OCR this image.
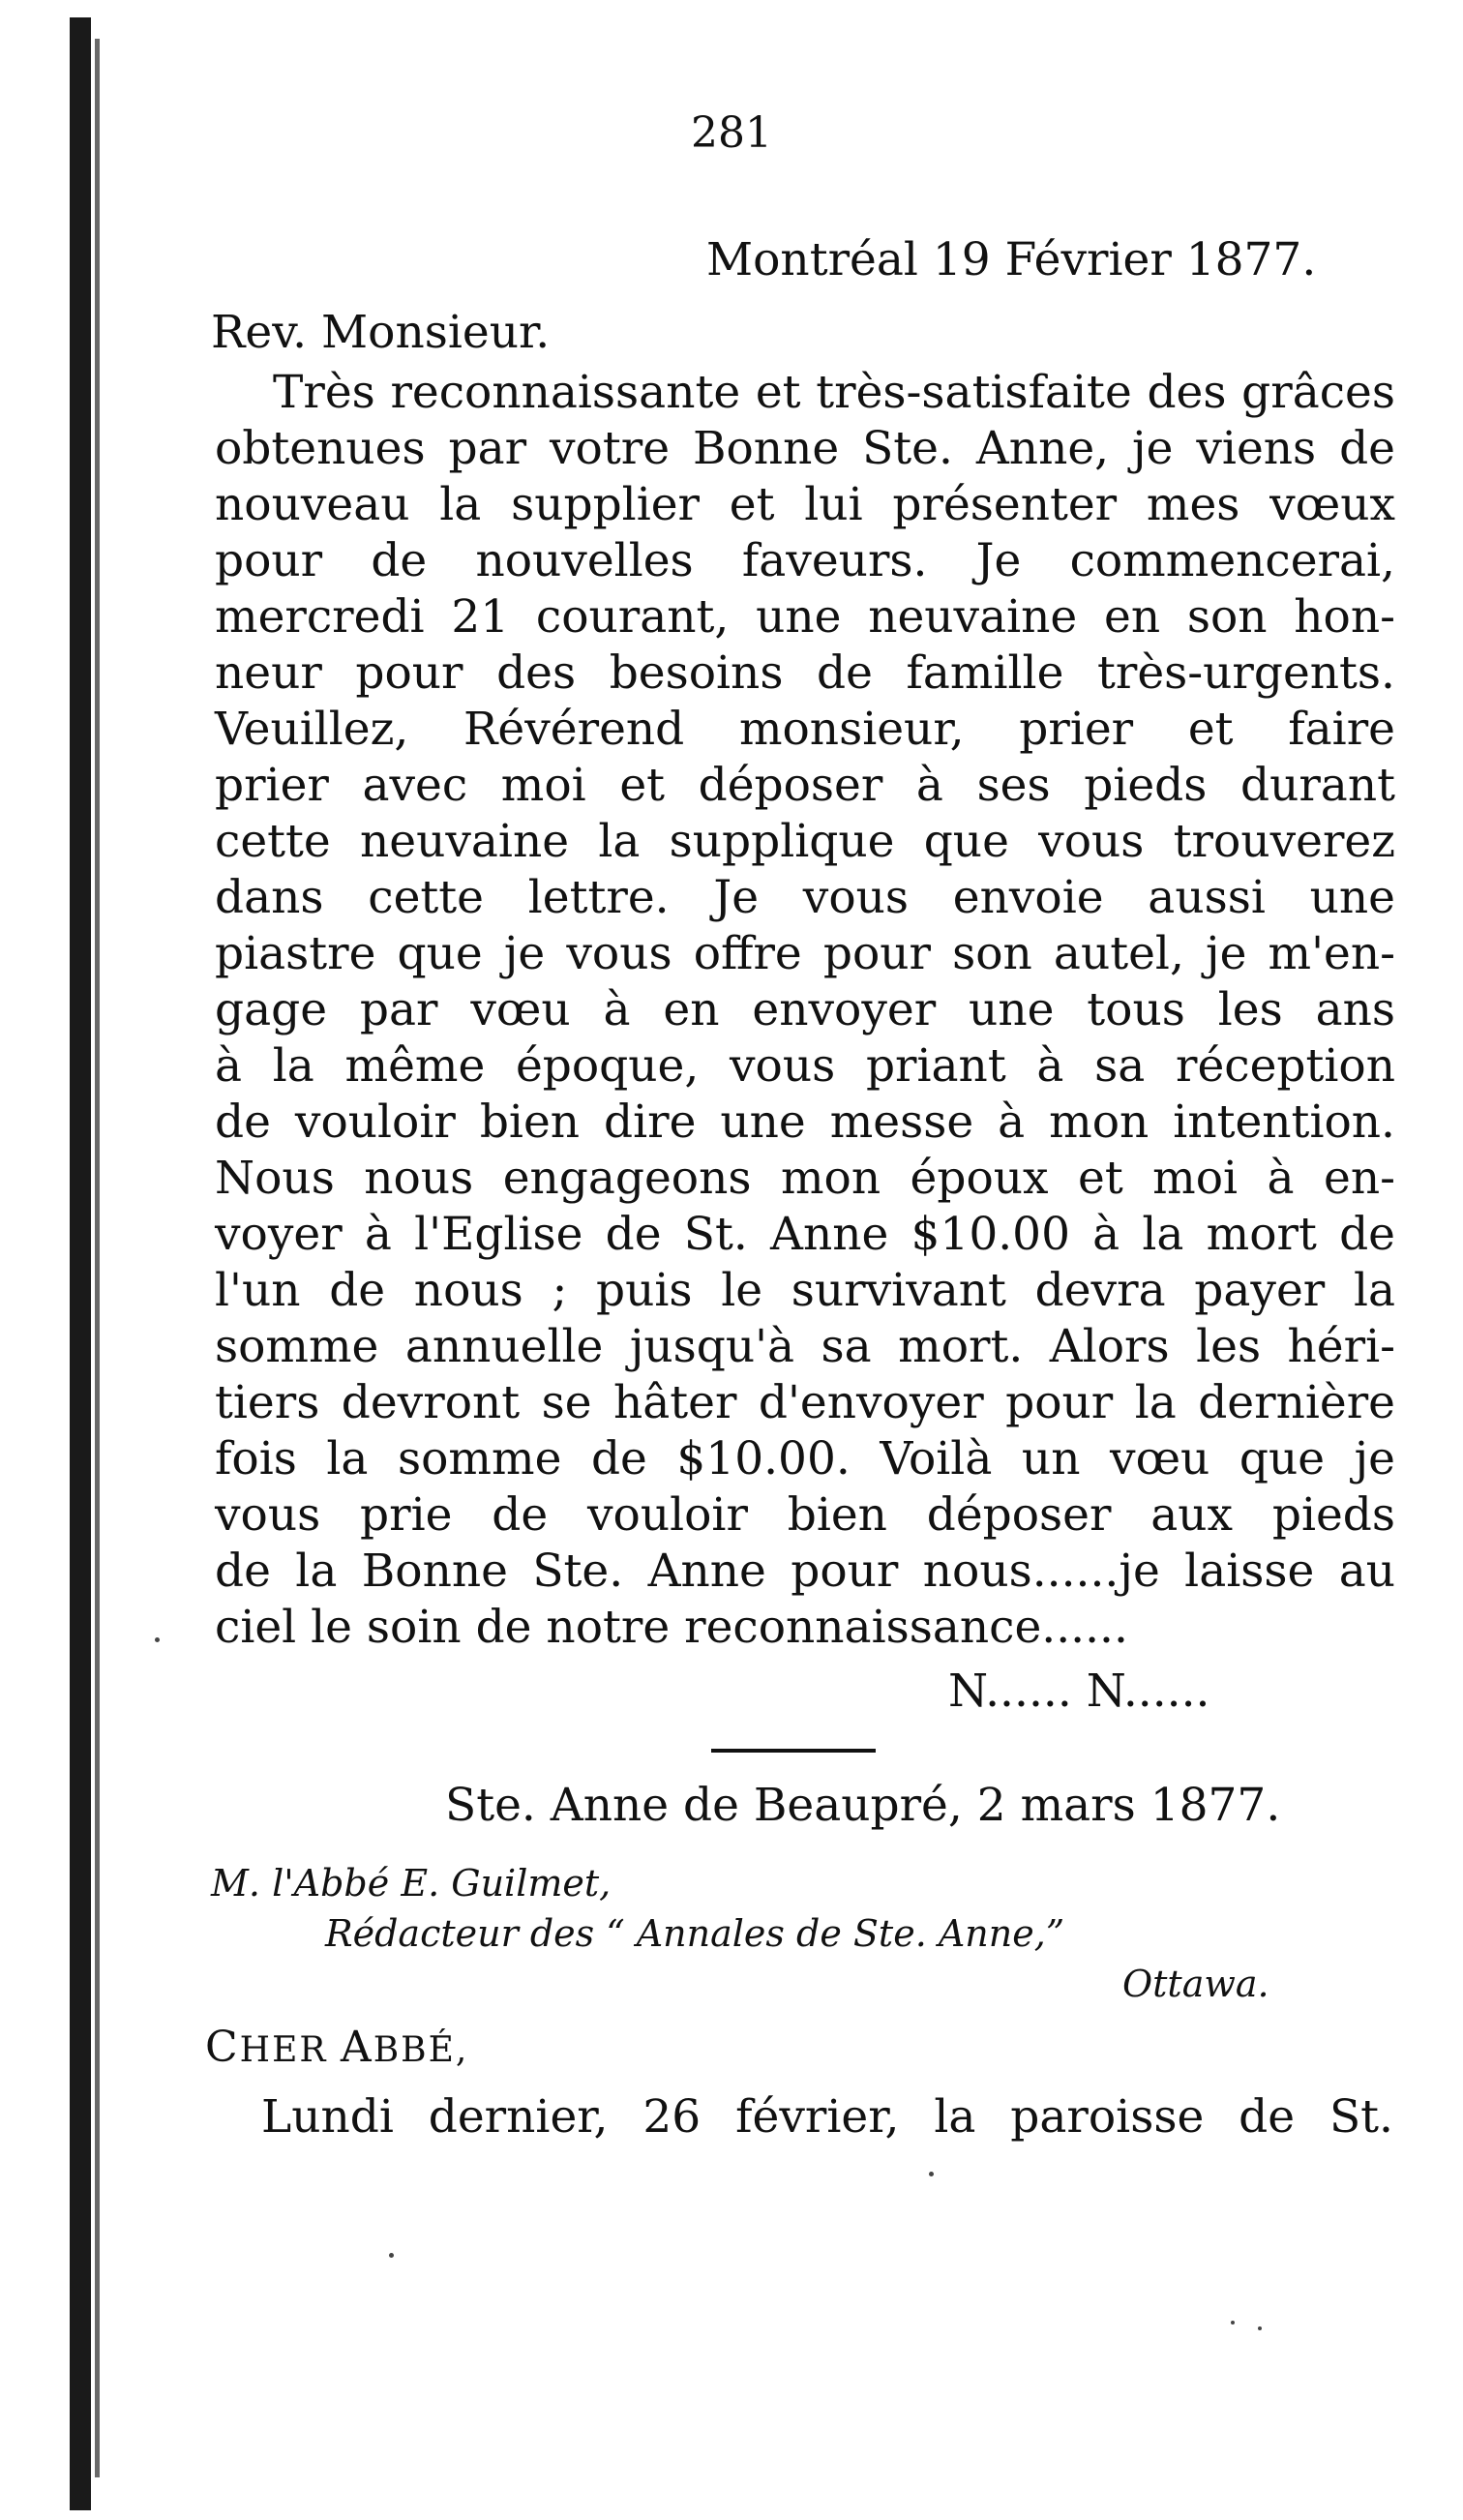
281
Montréal 19 Février 1877.
Rev. Monsieur.
Très reconnaissante et très-satisfaite des grâces
obtenues par votre Bonne Ste. Anne, je viens de
nouveau la supplier et lui présenter mes vœux
pour de nouvelles faveurs. Je commencerai,
mercredi 21 courant, une neuvaine en son hon-
neur pour des besoins de famille très-urgents.
Veuillez, Révérend monsieur, prier et faire
prier avec moi et déposer à ses pieds durant
cette neuvaine la supplique que vous trouverez
dans cette lettre. Je vous envoie aussi une
piastre que je vous offre pour son autel, je m'en-
gage par vœu à en envoyer une tous les ans
à la même époque, vous priant à sa réception
de vouloir bien dire une messe à mon intention.
Nous nous engageons mon époux et moi à en-
voyer à l'Eglise de St. Anne $10.00 à la mort de
l'un de nous ; puis le survivant devra payer la
somme annuelle jusqu'à sa mort. Alors les héri-
tiers devront se hâter d'envoyer pour la dernière
fois la somme de $10.00. Voilà un vœu que je
vous prie de vouloir bien déposer aux pieds
de la Bonne Ste. Anne pour nous......je laisse au
ciel le soin de notre reconnaissance......
N...... N......
Ste. Anne de Beaupré, 2 mars 1877.
M. l'Abbé E. Guilmet,
Rédacteur des “ Annales de Ste. Anne,”
Ottawa.
CHER ABBÉ,
Lundi dernier, 26 février, la paroisse de St.
